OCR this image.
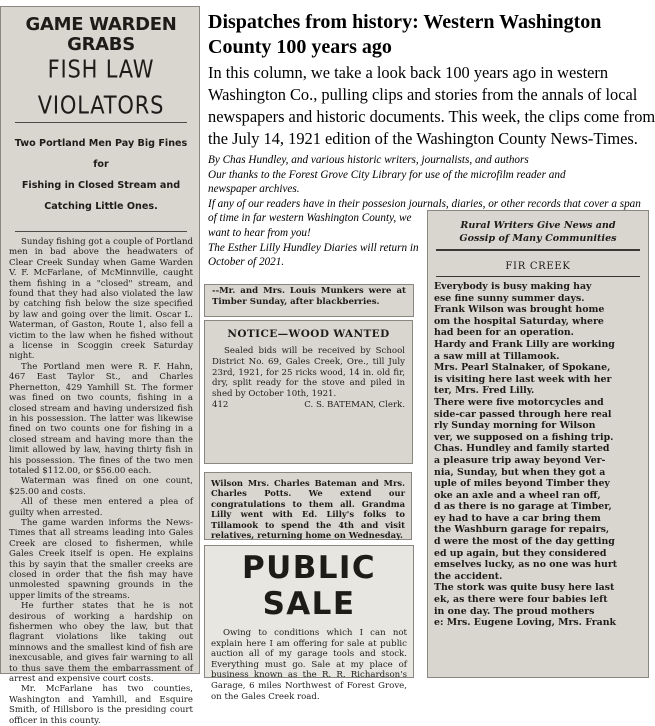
GAME WARDEN GRABS
FISH LAW VIOLATORS
Two Portland Men Pay Big Fines for
Fishing in Closed Stream and
Catching Little Ones.

Sunday fishing got a couple of Portland men in bad above the headwaters of Clear Creek Sunday when Game Warden V. F. McFarlane, of McMinnville, caught them fishing in a "closed" stream, and found that they had also violated the law by catching fish below the size specified by law and going over the limit. Oscar L. Waterman, of Gaston, Route 1, also fell a victim to the law when he fished without a license in Scoggin creek Saturday night.

The Portland men were R. F. Hahn, 467 East Taylor St., and Charles Phernetton, 429 Yamhill St. The former was fined on two counts, fishing in a closed stream and having undersized fish in his possession. The latter was likewise fined on two counts one for fishing in a closed stream and having more than the limit allowed by law, having thirty fish in his possession. The fines of the two men totaled $112.00, or $56.00 each.

Waterman was fined on one count, $25.00 and costs.

All of these men entered a plea of guilty when arrested.

The game warden informs the News-Times that all streams leading into Gales Creek are closed to fishermen, while Gales Creek itself is open. He explains this by sayin that the smaller creeks are closed in order that the fish may have unmolested spawning grounds in the upper limits of the streams.

He further states that he is not desirous of working a hardship on fishermen who obey the law, but that flagrant violations like taking out minnows and the smallest kind of fish are inexcusable, and gives fair warning to all to thus save them the embarrassment of arrest and expensive court costs.

Mr. McFarlane has two counties, Washington and Yamhill, and Esquire Smith, of Hillsboro is the presiding court officer in this county.

Dispatches from history: Western Washington County 100 years ago
In this column, we take a look back 100 years ago in western
Washington Co., pulling clips and stories from the annals of local
newspapers and historic documents. This week, the clips come from
the July 14, 1921 edition of the Washington County News-Times.

By Chas Hundley, and various historic writers, journalists, and authors

Our thanks to the Forest Grove City Library for use of the microfilm reader and

newspaper archives.

If any of our readers have in their possesion journals, diaries, or other records that cover a span

of time in far western Washington County, we

want to hear from you!

The Esther Lilly Hundley Diaries will return in

October of 2021.

--Mr. and Mrs. Louis Munkers were at Timber Sunday, after blackberries.

NOTICE—WOOD WANTED

Sealed bids will be received by School District No. 69, Gales Creek, Ore., till July 23rd, 1921, for 25 ricks wood, 14 in. old fir, dry, split ready for the stove and piled in shed by October 10th, 1921.

412	C. S. BATEMAN, Clerk.

Wilson Mrs. Charles Bateman and Mrs. Charles Potts. We extend our congratulations to them all. Grandma Lilly went with Ed. Lilly's folks to Tillamook to spend the 4th and visit relatives, returning home on Wednesday.

PUBLIC SALE

Owing to conditions which I can not explain here I am offering for sale at public auction all of my garage tools and stock. Everything must go. Sale at my place of business known as the R. R. Richardson's Garage, 6 miles Northwest of Forest Grove, on the Gales Creek road.

Rural Writers Give News and
Gossip of Many Communities
FIR CREEK
Everybody is busy making hay
ese fine sunny summer days.
Frank Wilson was brought home
om the hospital Saturday, where
had been for an operation.
Hardy and Frank Lilly are working
a saw mill at Tillamook.
Mrs. Pearl Stalnaker, of Spokane,
is visiting here last week with her
ter, Mrs. Fred Lilly.
There were five motorcycles and
side-car passed through here real
rly Sunday morning for Wilson
ver, we supposed on a fishing trip.
Chas. Hundley and family started
a pleasure trip away beyond Ver-
nia, Sunday, but when they got a
uple of miles beyond Timber they
oke an axle and a wheel ran off,
d as there is no garage at Timber,
ey had to have a car bring them
the Washburn garage for repairs,
d were the most of the day getting
ed up again, but they considered
emselves lucky, as no one was hurt
the accident.
The stork was quite busy here last
ek, as there were four babies left
in one day. The proud mothers
e: Mrs. Eugene Loving, Mrs. Frank
